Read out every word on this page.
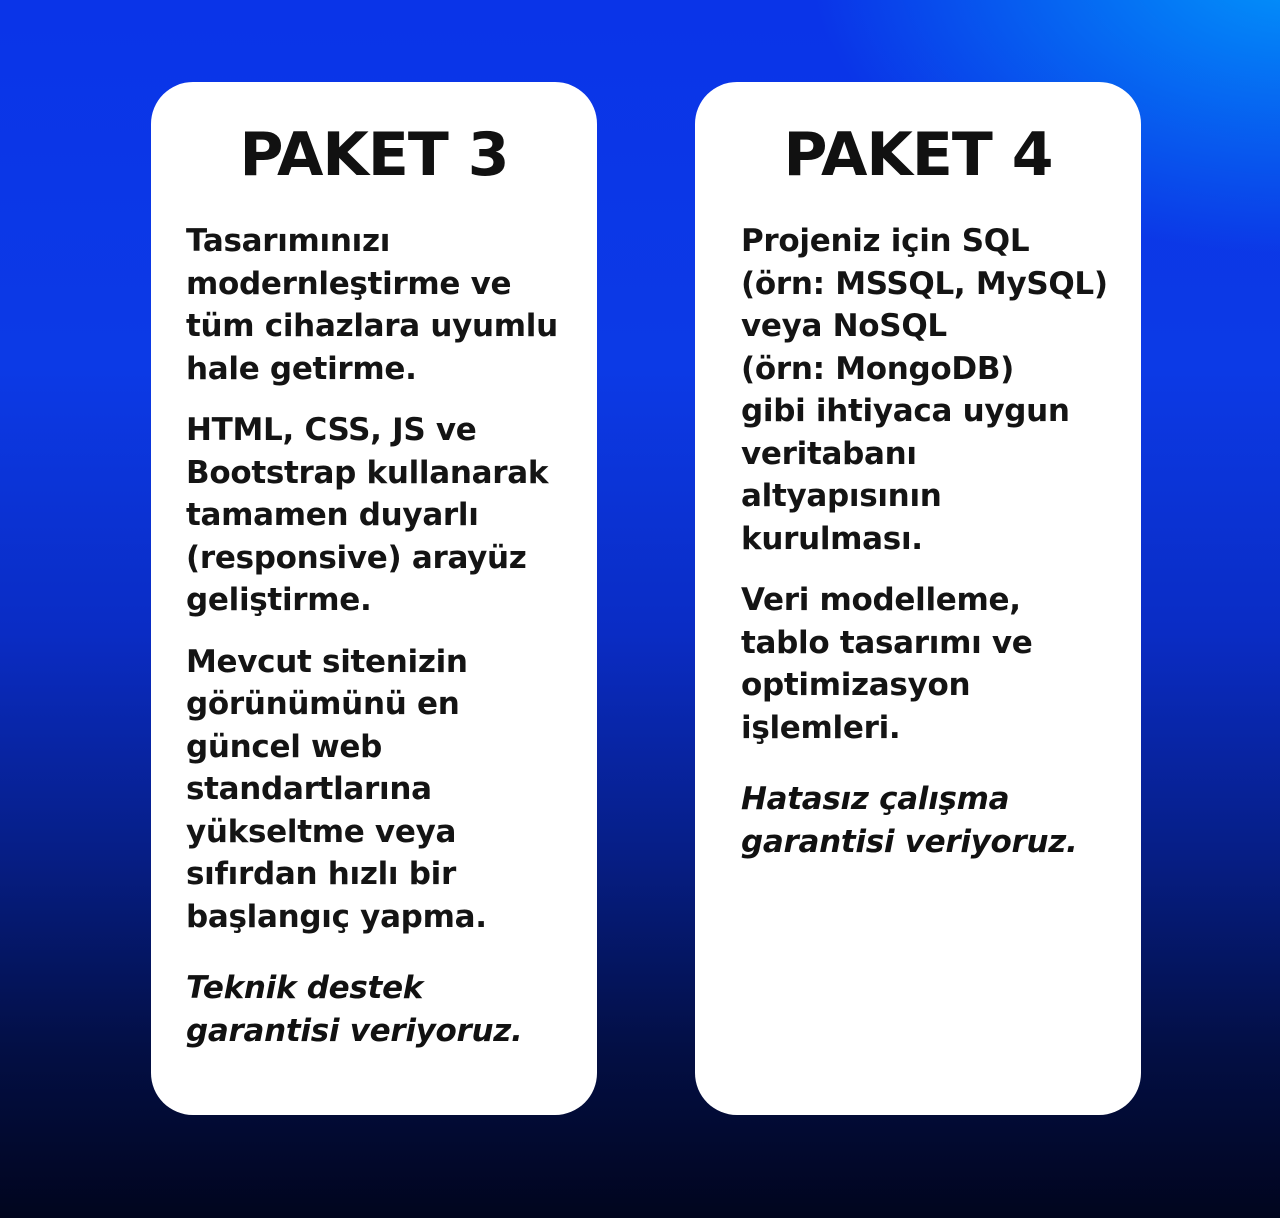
PAKET 3

Tasarımınızı
modernleştirme ve
tüm cihazlara uyumlu
hale getirme.

HTML, CSS, JS ve
Bootstrap kullanarak
tamamen duyarlı
(responsive) arayüz
geliştirme.

Mevcut sitenizin
görünümünü en
güncel web
standartlarına
yükseltme veya
sıfırdan hızlı bir
başlangıç yapma.

Teknik destek
garantisi veriyoruz.

PAKET 4

Projeniz için SQL
(örn: MSSQL, MySQL)
veya NoSQL
(örn: MongoDB)
gibi ihtiyaca uygun
veritabanı
altyapısının
kurulması.

Veri modelleme,
tablo tasarımı ve
optimizasyon
işlemleri.

Hatasız çalışma
garantisi veriyoruz.
